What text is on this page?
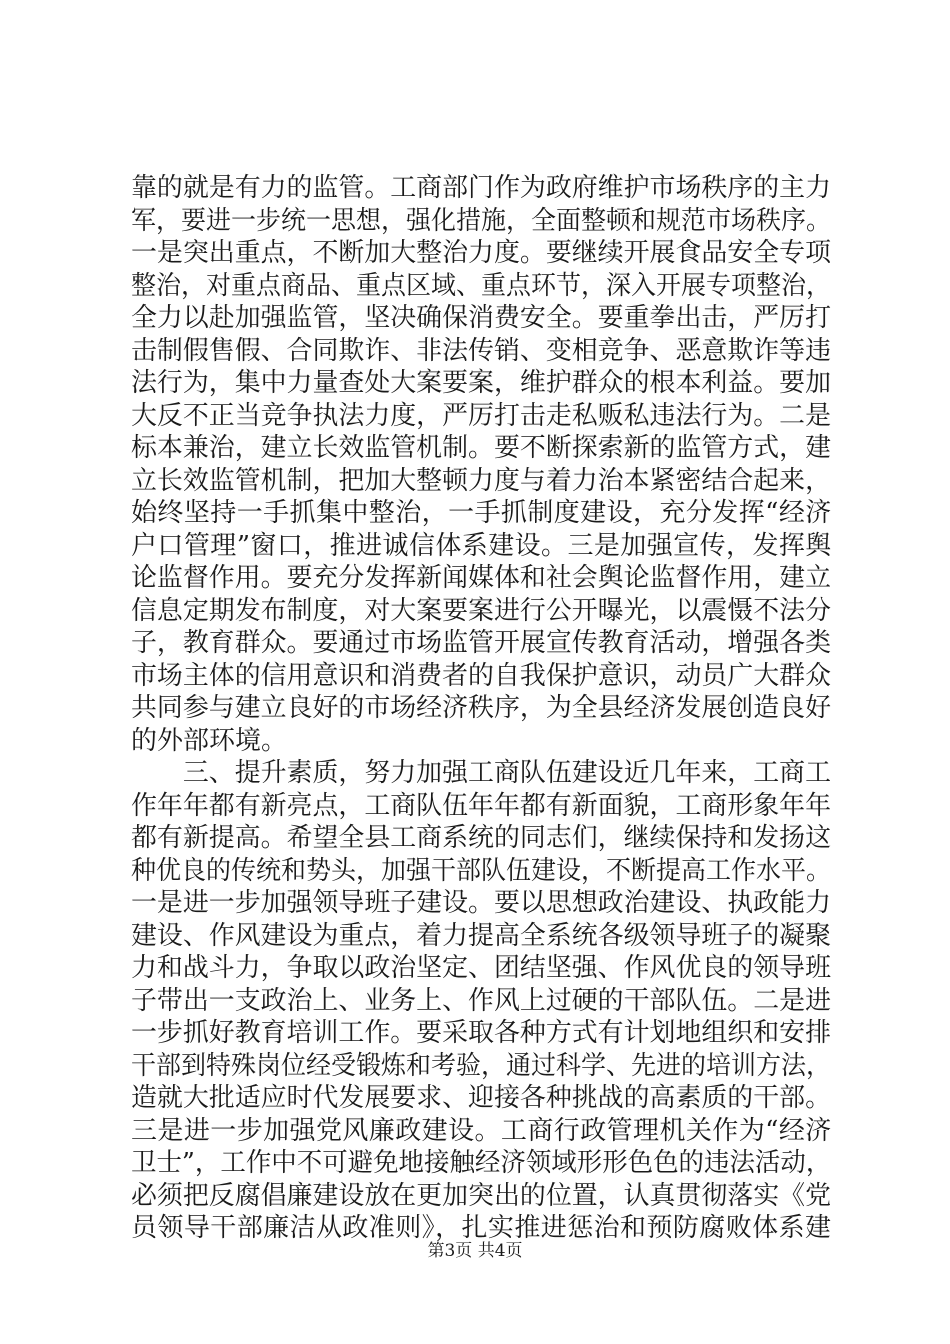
靠的就是有力的监管。工商部门作为政府维护市场秩序的主力
军，要进一步统一思想，强化措施，全面整顿和规范市场秩序。
一是突出重点，不断加大整治力度。要继续开展食品安全专项
整治，对重点商品、重点区域、重点环节，深入开展专项整治，
全力以赴加强监管，坚决确保消费安全。要重拳出击，严厉打
击制假售假、合同欺诈、非法传销、变相竞争、恶意欺诈等违
法行为，集中力量查处大案要案，维护群众的根本利益。要加
大反不正当竞争执法力度，严厉打击走私贩私违法行为。二是
标本兼治，建立长效监管机制。要不断探索新的监管方式，建
立长效监管机制，把加大整顿力度与着力治本紧密结合起来，
始终坚持一手抓集中整治，一手抓制度建设，充分发挥“经济
户口管理”窗口，推进诚信体系建设。三是加强宣传，发挥舆
论监督作用。要充分发挥新闻媒体和社会舆论监督作用，建立
信息定期发布制度，对大案要案进行公开曝光，以震慑不法分
子，教育群众。要通过市场监管开展宣传教育活动，增强各类
市场主体的信用意识和消费者的自我保护意识，动员广大群众
共同参与建立良好的市场经济秩序，为全县经济发展创造良好
的外部环境。
　　三、提升素质，努力加强工商队伍建设近几年来，工商工
作年年都有新亮点，工商队伍年年都有新面貌，工商形象年年
都有新提高。希望全县工商系统的同志们，继续保持和发扬这
种优良的传统和势头，加强干部队伍建设，不断提高工作水平。
一是进一步加强领导班子建设。要以思想政治建设、执政能力
建设、作风建设为重点，着力提高全系统各级领导班子的凝聚
力和战斗力，争取以政治坚定、团结坚强、作风优良的领导班
子带出一支政治上、业务上、作风上过硬的干部队伍。二是进
一步抓好教育培训工作。要采取各种方式有计划地组织和安排
干部到特殊岗位经受锻炼和考验，通过科学、先进的培训方法，
造就大批适应时代发展要求、迎接各种挑战的高素质的干部。
三是进一步加强党风廉政建设。工商行政管理机关作为“经济
卫士”，工作中不可避免地接触经济领域形形色色的违法活动，
必须把反腐倡廉建设放在更加突出的位置，认真贯彻落实《党
员领导干部廉洁从政准则》，扎实推进惩治和预防腐败体系建
第3页 共4页
